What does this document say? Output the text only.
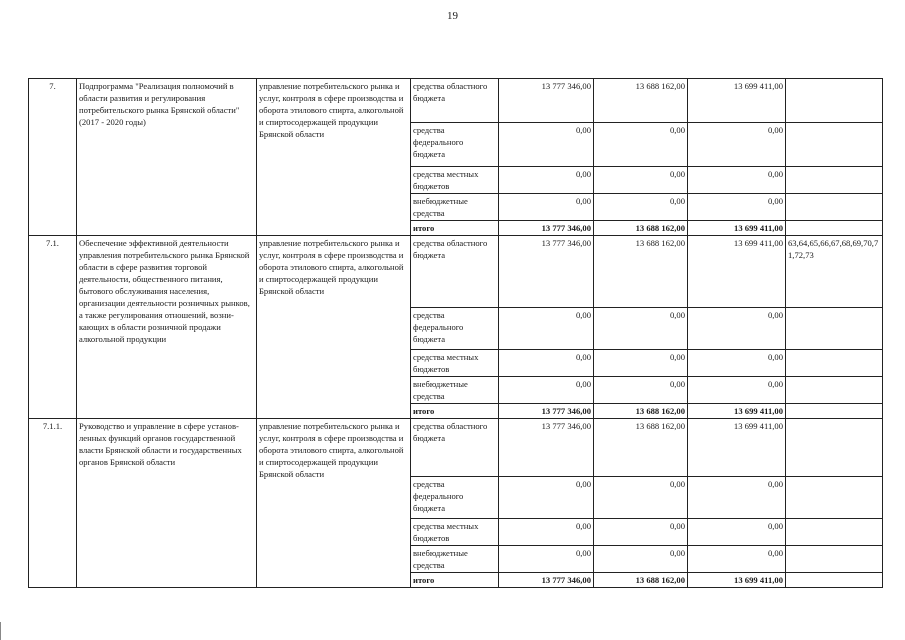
19
7.	Подпрограмма "Реализация полномочий в области развития и регулирования потребительского рынка Брянской области" (2017 - 2020 годы)	управление потребительского рынка и услуг, контроля в сфере производства и оборота этилового спирта, алкогольной и спиртосодержащей продукции Брянской области	средства областного бюджета	13 777 346,00	13 688 162,00	13 699 411,00	
			средства федерального бюджета	0,00	0,00	0,00	
			средства местных бюджетов	0,00	0,00	0,00	
			внебюджетные средства	0,00	0,00	0,00	
			итого	13 777 346,00	13 688 162,00	13 699 411,00	
7.1.	Обеспечение эффективной деятельности управления потребительского рынка Брянской области в сфере развития торговой деятельности, общественного питания, бытового обслуживания населения, организации деятельности розничных рынков, а также регулирования отношений, возни-кающих в области розничной продажи алкогольной продукции	управление потребительского рынка и услуг, контроля в сфере производства и оборота этилового спирта, алкогольной и спиртосодержащей продукции Брянской области	средства областного бюджета	13 777 346,00	13 688 162,00	13 699 411,00	63,64,65,66,67,68,69,70,71,72,73
			средства федерального бюджета	0,00	0,00	0,00	
			средства местных бюджетов	0,00	0,00	0,00	
			внебюджетные средства	0,00	0,00	0,00	
			итого	13 777 346,00	13 688 162,00	13 699 411,00	
7.1.1.	Руководство и управление в сфере установ-ленных функций органов государственной власти Брянской области и государственных органов Брянской области	управление потребительского рынка и услуг, контроля в сфере производства и оборота этилового спирта, алкогольной и спиртосодержащей продукции Брянской области	средства областного бюджета	13 777 346,00	13 688 162,00	13 699 411,00	
			средства федерального бюджета	0,00	0,00	0,00	
			средства местных бюджетов	0,00	0,00	0,00	
			внебюджетные средства	0,00	0,00	0,00	
			итого	13 777 346,00	13 688 162,00	13 699 411,00	
